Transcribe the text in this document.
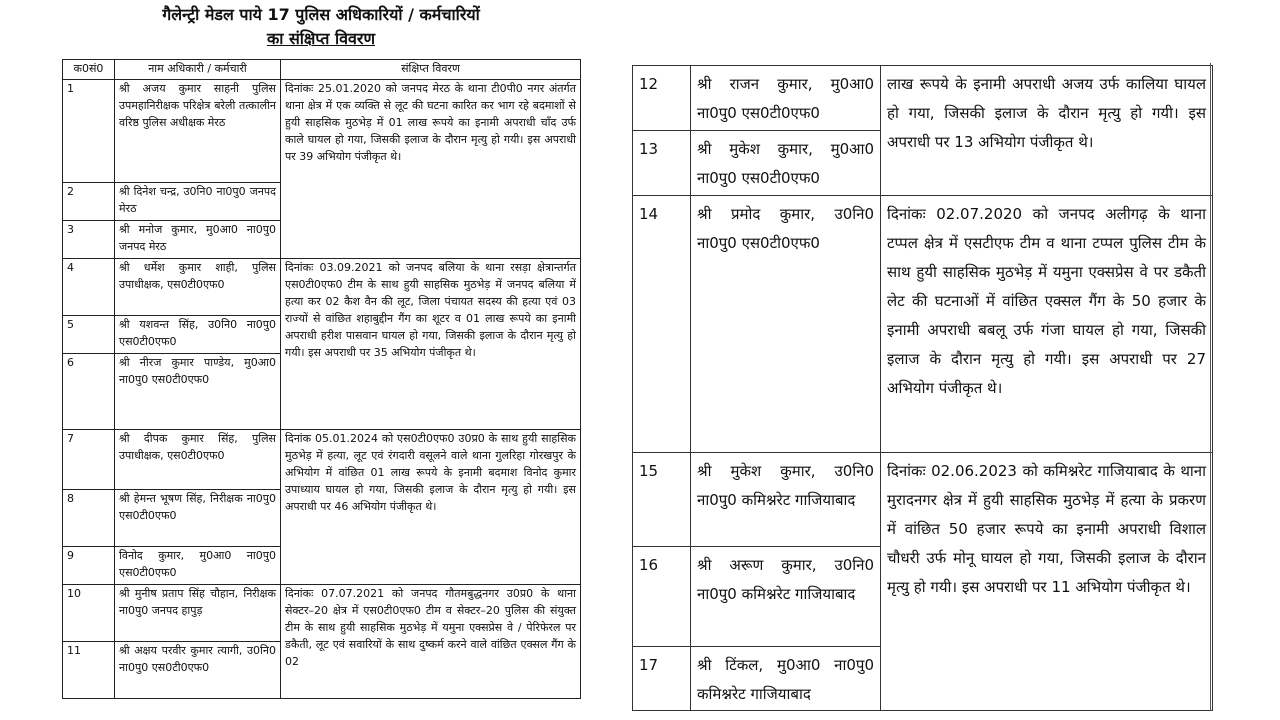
गैलेन्ट्री मेडल पाये 17 पुलिस अधिकारियों / कर्मचारियों
का संक्षिप्त विवरण
क0सं0	नाम अधिकारी / कर्मचारी	संक्षिप्त विवरण
1	श्री अजय कुमार साहनी पुलिस उपमहानिरीक्षक परिक्षेत्र बरेली तत्कालीन वरिष्ठ पुलिस अधीक्षक मेरठ	दिनांकः 25.01.2020 को जनपद मेरठ के थाना टी0पी0 नगर अंतर्गत थाना क्षेत्र में एक व्यक्ति से लूट की घटना कारित कर भाग रहे बदमाशों से हुयी साहसिक मुठभेड़ में 01 लाख रूपये का इनामी अपराधी चाँद उर्फ काले घायल हो गया, जिसकी इलाज के दौरान मृत्यु हो गयी। इस अपराधी पर 39 अभियोग पंजीकृत थे।
2	श्री दिनेश चन्द्र, उ0नि0 ना0पु0 जनपद मेरठ	
3	श्री मनोज कुमार, मु0आ0 ना0पु0 जनपद मेरठ	
4	श्री धर्मेश कुमार शाही, पुलिस उपाधीक्षक, एस0टी0एफ0	दिनांकः 03.09.2021 को जनपद बलिया के थाना रसड़ा क्षेत्रान्तर्गत एस0टी0एफ0 टीम के साथ हुयी साहसिक मुठभेड़ में जनपद बलिया में हत्या कर 02 कैश वैन की लूट, जिला पंचायत सदस्य की हत्या एवं 03 राज्यों से वांछित शहाबुद्दीन गैंग का शूटर व 01 लाख रूपये का इनामी अपराधी हरीश पासवान घायल हो गया, जिसकी इलाज के दौरान मृत्यु हो गयी। इस अपराधी पर 35 अभियोग पंजीकृत थे।
5	श्री यशवन्त सिंह, उ0नि0 ना0पु0 एस0टी0एफ0	
6	श्री नीरज कुमार पाण्डेय, मु0आ0 ना0पु0 एस0टी0एफ0	
7	श्री दीपक कुमार सिंह, पुलिस उपाधीक्षक, एस0टी0एफ0	दिनांक 05.01.2024 को एस0टी0एफ0 उ0प्र0 के साथ हुयी साहसिक मुठभेड़ में हत्या, लूट एवं रंगदारी वसूलने वाले थाना गुलरिहा गोरखपुर के अभियोग में वांछित 01 लाख रूपये के इनामी बदमाश विनोद कुमार उपाध्याय घायल हो गया, जिसकी इलाज के दौरान मृत्यु हो गयी। इस अपराधी पर 46 अभियोग पंजीकृत थे।
8	श्री हेमन्त भूषण सिंह, निरीक्षक ना0पु0 एस0टी0एफ0	
9	विनोद कुमार, मु0आ0 ना0पु0 एस0टी0एफ0	
10	श्री मुनीष प्रताप सिंह चौहान, निरीक्षक ना0पु0 जनपद हापुड़	दिनांकः 07.07.2021 को जनपद गौतमबुद्धनगर उ0प्र0 के थाना सेक्टर–20 क्षेत्र में एस0टी0एफ0 टीम व सेक्टर–20 पुलिस की संयुक्त टीम के साथ हुयी साहसिक मुठभेड़ में यमुना एक्सप्रेस वे / पेरिफेरल पर डकैती, लूट एवं सवारियों के साथ दुष्कर्म करने वाले वांछित एक्सल गैंग के 02
11	श्री अक्षय परवीर कुमार त्यागी, उ0नि0 ना0पु0 एस0टी0एफ0	
12	श्री राजन कुमार, मु0आ0 ना0पु0 एस0टी0एफ0	लाख रूपये के इनामी अपराधी अजय उर्फ कालिया घायल हो गया, जिसकी इलाज के दौरान मृत्यु हो गयी। इस अपराधी पर 13 अभियोग पंजीकृत थे।
13	श्री मुकेश कुमार, मु0आ0 ना0पु0 एस0टी0एफ0	
14	श्री प्रमोद कुमार, उ0नि0 ना0पु0 एस0टी0एफ0	दिनांकः 02.07.2020 को जनपद अलीगढ़ के थाना टप्पल क्षेत्र में एसटीएफ टीम व थाना टप्पल पुलिस टीम के साथ हुयी साहसिक मुठभेड़ में यमुना एक्सप्रेस वे पर डकैती लेट की घटनाओं में वांछित एक्सल गैंग के 50 हजार के इनामी अपराधी बबलू उर्फ गंजा घायल हो गया, जिसकी इलाज के दौरान मृत्यु हो गयी। इस अपराधी पर 27 अभियोग पंजीकृत थे।
15	श्री मुकेश कुमार, उ0नि0 ना0पु0 कमिश्नरेट गाजियाबाद	दिनांकः 02.06.2023 को कमिश्नरेट गाजियाबाद के थाना मुरादनगर क्षेत्र में हुयी साहसिक मुठभेड़ में हत्या के प्रकरण में वांछित 50 हजार रूपये का इनामी अपराधी विशाल चौधरी उर्फ मोनू घायल हो गया, जिसकी इलाज के दौरान मृत्यु हो गयी। इस अपराधी पर 11 अभियोग पंजीकृत थे।
16	श्री अरूण कुमार, उ0नि0 ना0पु0 कमिश्नरेट गाजियाबाद	
17	श्री टिंकल, मु0आ0 ना0पु0 कमिश्नरेट गाजियाबाद	
